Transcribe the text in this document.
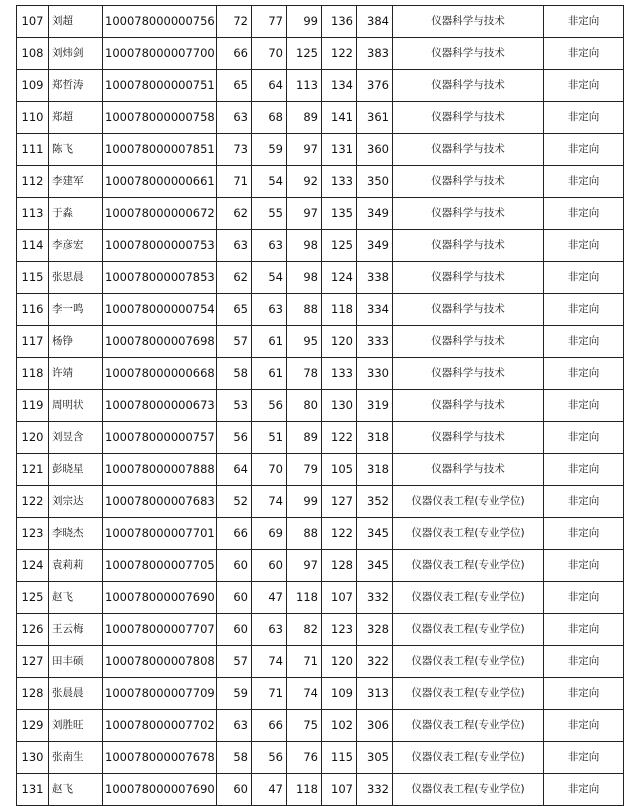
107	刘超	100078000000756	72	77	99	136	384	仪器科学与技术	非定向
108	刘炜剑	100078000007700	66	70	125	122	383	仪器科学与技术	非定向
109	郑哲涛	100078000000751	65	64	113	134	376	仪器科学与技术	非定向
110	郑超	100078000000758	63	68	89	141	361	仪器科学与技术	非定向
111	陈飞	100078000007851	73	59	97	131	360	仪器科学与技术	非定向
112	李建军	100078000000661	71	54	92	133	350	仪器科学与技术	非定向
113	于淼	100078000000672	62	55	97	135	349	仪器科学与技术	非定向
114	李彦宏	100078000000753	63	63	98	125	349	仪器科学与技术	非定向
115	张思晨	100078000007853	62	54	98	124	338	仪器科学与技术	非定向
116	李一鸣	100078000000754	65	63	88	118	334	仪器科学与技术	非定向
117	杨铮	100078000007698	57	61	95	120	333	仪器科学与技术	非定向
118	许靖	100078000000668	58	61	78	133	330	仪器科学与技术	非定向
119	周明状	100078000000673	53	56	80	130	319	仪器科学与技术	非定向
120	刘昱含	100078000000757	56	51	89	122	318	仪器科学与技术	非定向
121	彭晓星	100078000007888	64	70	79	105	318	仪器科学与技术	非定向
122	刘宗达	100078000007683	52	74	99	127	352	仪器仪表工程(专业学位)	非定向
123	李晓杰	100078000007701	66	69	88	122	345	仪器仪表工程(专业学位)	非定向
124	袁莉莉	100078000007705	60	60	97	128	345	仪器仪表工程(专业学位)	非定向
125	赵飞	100078000007690	60	47	118	107	332	仪器仪表工程(专业学位)	非定向
126	王云梅	100078000007707	60	63	82	123	328	仪器仪表工程(专业学位)	非定向
127	田丰硕	100078000007808	57	74	71	120	322	仪器仪表工程(专业学位)	非定向
128	张晨晨	100078000007709	59	71	74	109	313	仪器仪表工程(专业学位)	非定向
129	刘胜旺	100078000007702	63	66	75	102	306	仪器仪表工程(专业学位)	非定向
130	张南生	100078000007678	58	56	76	115	305	仪器仪表工程(专业学位)	非定向
131	赵飞	100078000007690	60	47	118	107	332	仪器仪表工程(专业学位)	非定向
